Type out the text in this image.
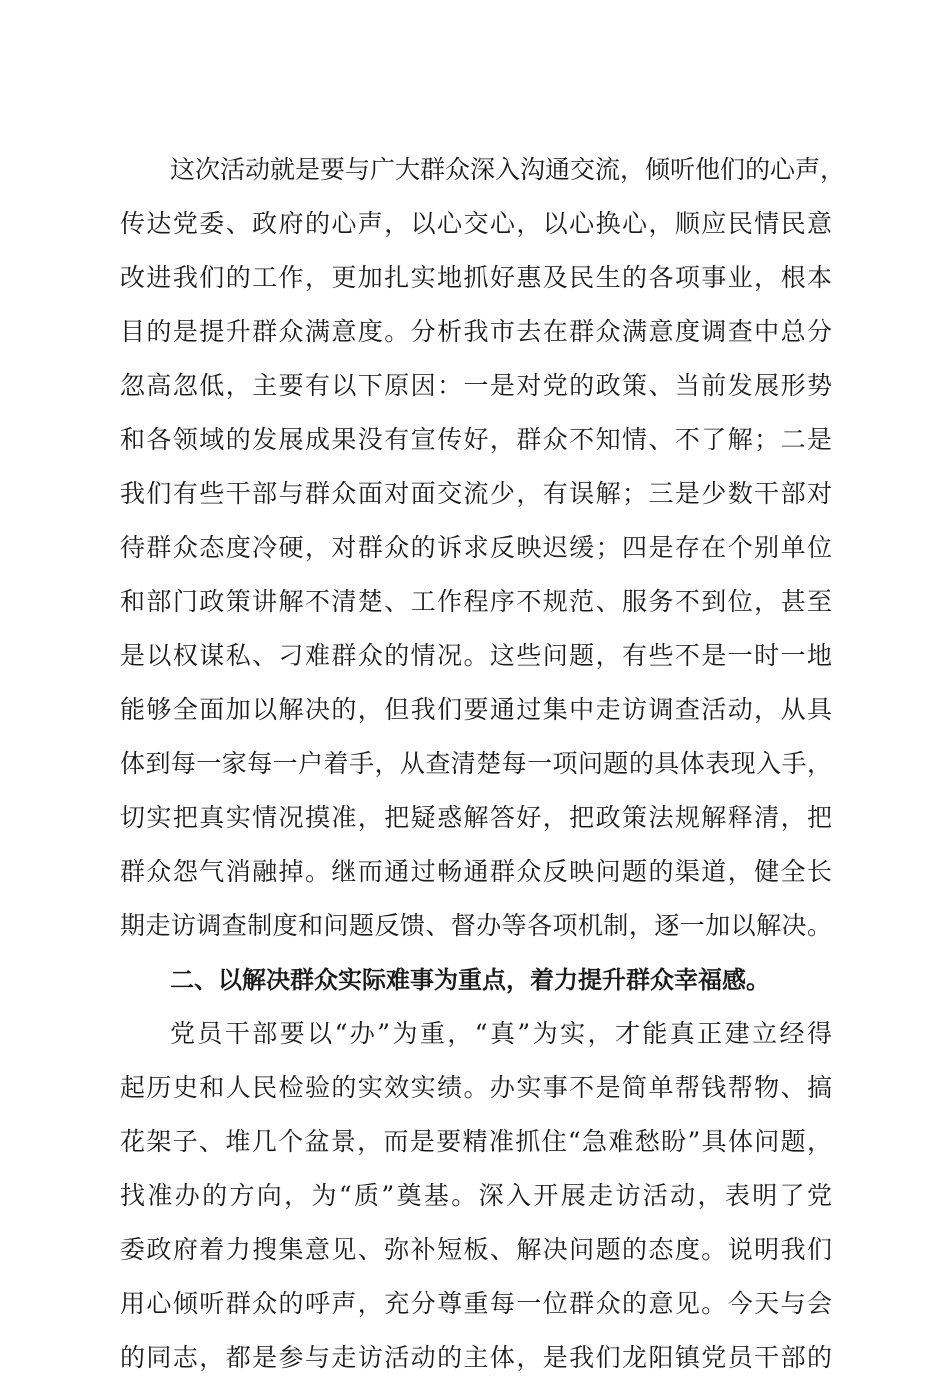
这次活动就是要与广大群众深入沟通交流，倾听他们的心声，
传达党委、政府的心声，以心交心，以心换心，顺应民情民意
改进我们的工作，更加扎实地抓好惠及民生的各项事业，根本
目的是提升群众满意度。分析我市去在群众满意度调查中总分
忽高忽低，主要有以下原因：一是对党的政策、当前发展形势
和各领域的发展成果没有宣传好，群众不知情、不了解；二是
我们有些干部与群众面对面交流少，有误解；三是少数干部对
待群众态度冷硬，对群众的诉求反映迟缓；四是存在个别单位
和部门政策讲解不清楚、工作程序不规范、服务不到位，甚至
是以权谋私、刁难群众的情况。这些问题，有些不是一时一地
能够全面加以解决的，但我们要通过集中走访调查活动，从具
体到每一家每一户着手，从查清楚每一项问题的具体表现入手，
切实把真实情况摸准，把疑惑解答好，把政策法规解释清，把
群众怨气消融掉。继而通过畅通群众反映问题的渠道，健全长
期走访调查制度和问题反馈、督办等各项机制，逐一加以解决。
二、以解决群众实际难事为重点，着力提升群众幸福感。
党员干部要以“办”为重，“真”为实，才能真正建立经得
起历史和人民检验的实效实绩。办实事不是简单帮钱帮物、搞
花架子、堆几个盆景，而是要精准抓住“急难愁盼”具体问题，
找准办的方向，为“质”奠基。深入开展走访活动，表明了党
委政府着力搜集意见、弥补短板、解决问题的态度。说明我们
用心倾听群众的呼声，充分尊重每一位群众的意见。今天与会
的同志，都是参与走访活动的主体，是我们龙阳镇党员干部的
